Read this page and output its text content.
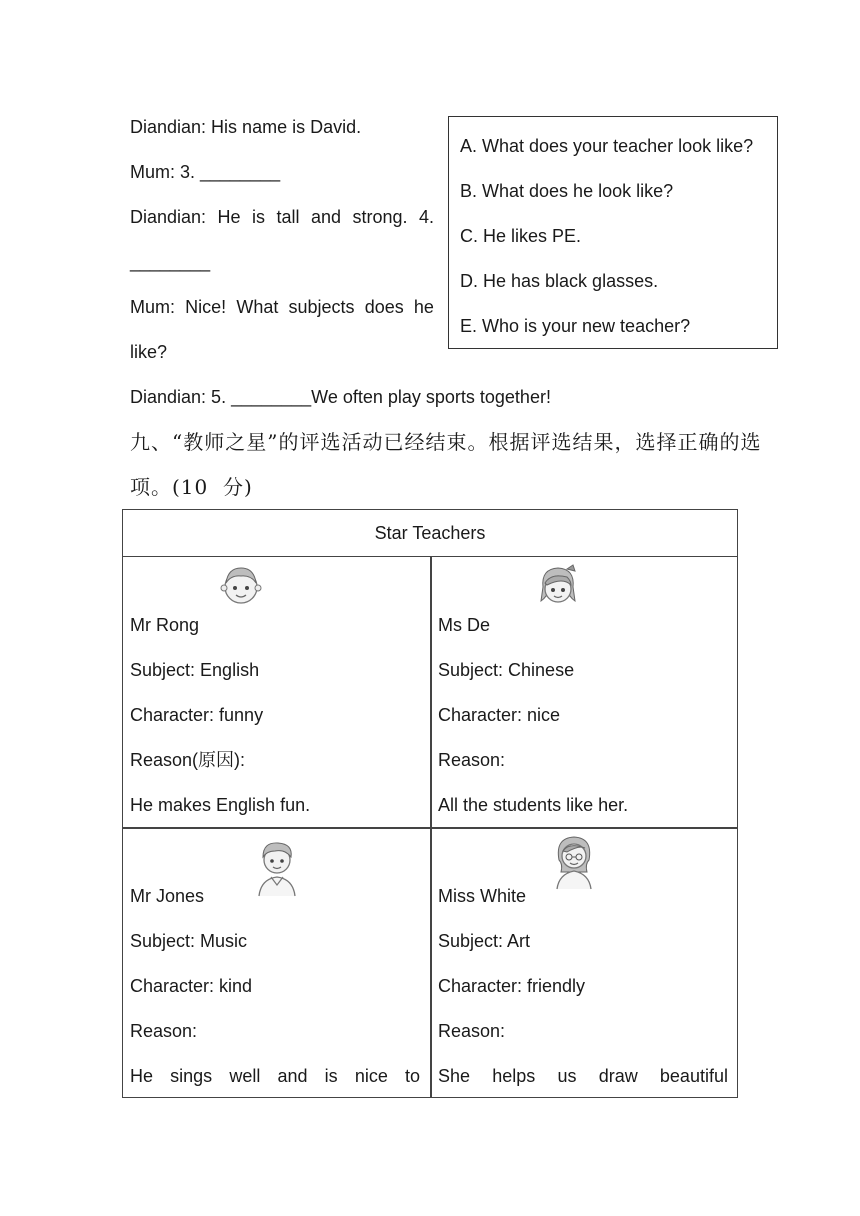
Diandian: His name is David.
Mum: 3. ________
Diandian: He is tall and strong. 4.
________
Mum: Nice! What subjects does he
like?
Diandian: 5. ________We often play sports together!
A. What does your teacher look like?
B. What does he look like?
C. He likes PE.
D. He has black glasses.
E. Who is your new teacher?
九、“教师之星”的评选活动已经结束。根据评选结果，选择正确的选
项。(10  分)
Star Teachers
Mr Rong
Subject: English
Character: funny
Reason(原因):
He makes English fun.
Ms De
Subject: Chinese
Character: nice
Reason:
All the students like her.
Mr Jones
Subject: Music
Character: kind
Reason:
He sings well and is nice to
Miss White
Subject: Art
Character: friendly
Reason:
She helps us draw beautiful
